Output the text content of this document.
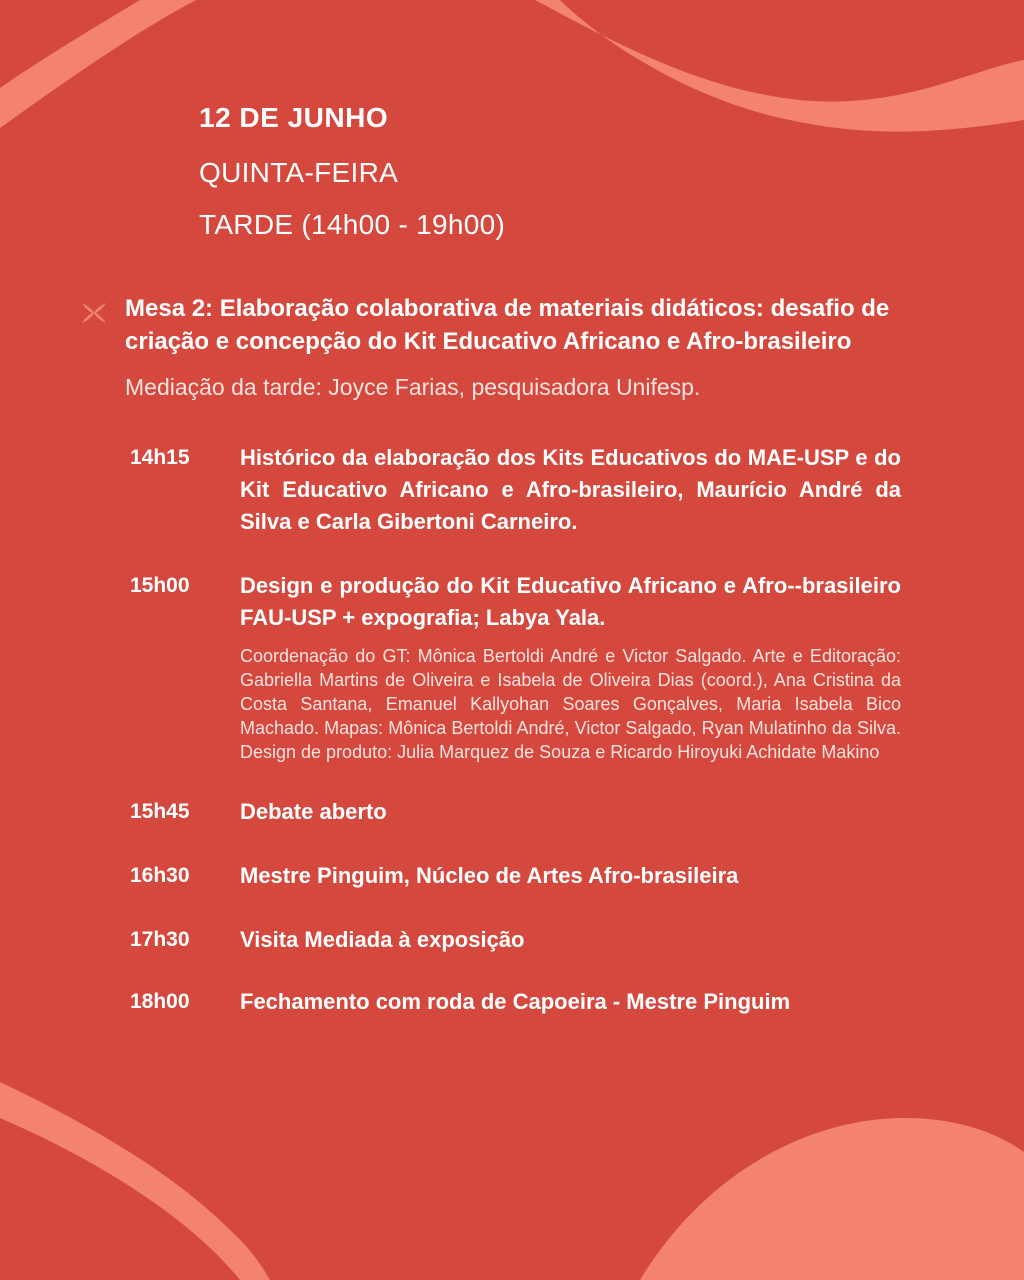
12 DE JUNHO
QUINTA-FEIRA
TARDE (14h00 - 19h00)
Mesa 2: Elaboração colaborativa de materiais didáticos: desafio de criação e concepção do Kit Educativo Africano e Afro-brasileiro
Mediação da tarde: Joyce Farias, pesquisadora Unifesp.
14h15	Histórico da elaboração dos Kits Educativos do MAE-USP e do Kit Educativo Africano e Afro-brasileiro, Maurício André da Silva e Carla Gibertoni Carneiro.
15h00	Design e produção do Kit Educativo Africano e Afro--brasileiro FAU-USP + expografia; Labya Yala.
Coordenação do GT: Mônica Bertoldi André e Victor Salgado. Arte e Editoração: Gabriella Martins de Oliveira e Isabela de Oliveira Dias (coord.), Ana Cristina da Costa Santana, Emanuel Kallyohan Soares Gonçalves, Maria Isabela Bico Machado. Mapas: Mônica Bertoldi André, Victor Salgado, Ryan Mulatinho da Silva. Design de produto: Julia Marquez de Souza e Ricardo Hiroyuki Achidate Makino
15h45	Debate aberto
16h30	Mestre Pinguim, Núcleo de Artes Afro-brasileira
17h30	Visita Mediada à exposição
18h00	Fechamento com roda de Capoeira - Mestre Pinguim
